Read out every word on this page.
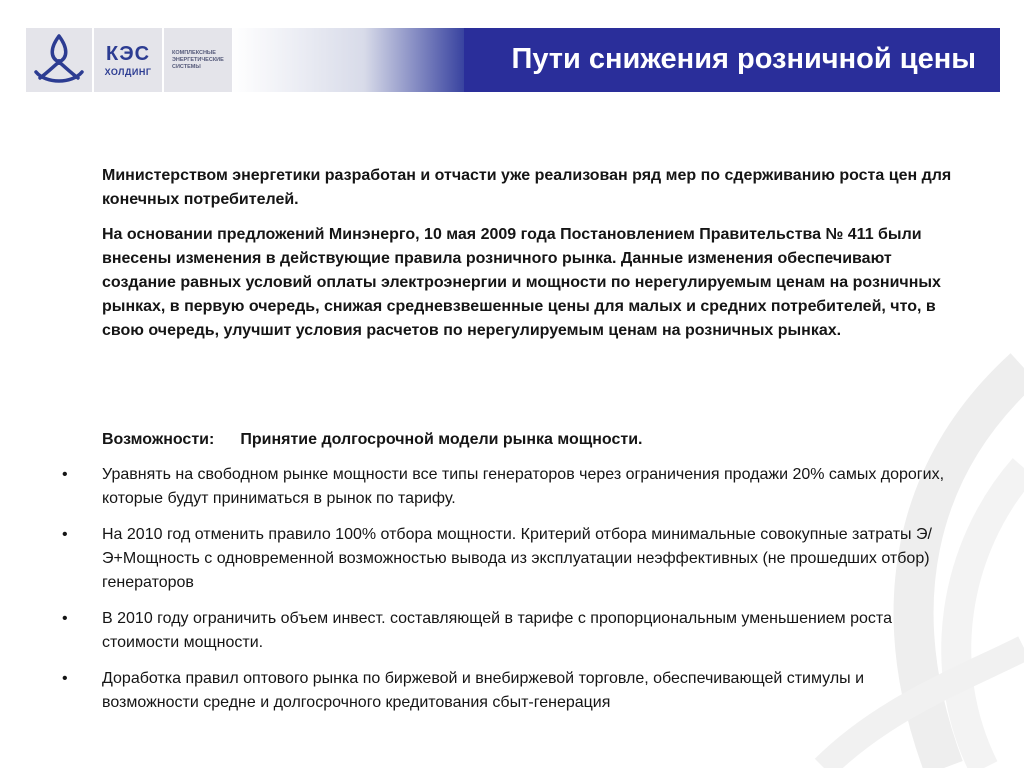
КЭС
ХОЛДИНГ
КОМПЛЕКСНЫЕ
ЭНЕРГЕТИЧЕСКИЕ
СИСТЕМЫ	Пути снижения розничной цены
Министерством энергетики разработан и отчасти уже реализован ряд мер по сдерживанию роста цен для конечных потребителей.
На основании предложений Минэнерго, 10 мая 2009 года Постановлением Правительства № 411 были внесены изменения в действующие правила розничного рынка. Данные изменения обеспечивают создание равных условий оплаты электроэнергии и мощности по нерегулируемым ценам на розничных рынках, в первую очередь, снижая средневзвешенные цены для малых и средних потребителей, что, в свою очередь, улучшит условия расчетов по нерегулируемым ценам на розничных рынках.
Возможности: Принятие долгосрочной модели рынка мощности.
• Уравнять на свободном рынке мощности все типы генераторов через ограничения продажи 20% самых дорогих, которые будут приниматься в рынок по тарифу.
• На 2010 год отменить правило 100% отбора мощности. Критерий отбора минимальные совокупные затраты Э/Э+Мощность с одновременной возможностью вывода из эксплуатации неэффективных (не прошедших отбор) генераторов
• В 2010 году ограничить объем инвест. составляющей в тарифе с пропорциональным уменьшением роста стоимости мощности.
• Доработка правил оптового рынка по биржевой и внебиржевой торговле, обеспечивающей стимулы и возможности средне и долгосрочного кредитования сбыт-генерация
